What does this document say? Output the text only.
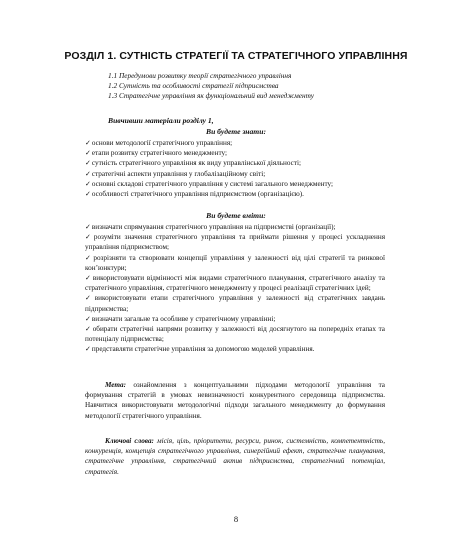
РОЗДІЛ 1. СУТНІСТЬ СТРАТЕГІЇ ТА СТРАТЕГІЧНОГО УПРАВЛІННЯ
1.1 Передумови розвитку теорії стратегічного управління
1.2 Сутність та особливості стратегії підприємства
1.3 Стратегічне управління як функціональний вид менеджменту
Вивчивши матеріали розділу 1,
Ви будете знати:
✓основи методології стратегічного управління;
✓етапи розвитку стратегічного менеджменту;
✓сутність стратегічного управління як виду управлінської діяльності;
✓стратегічні аспекти управління у глобалізаційному світі;
✓основні складові стратегічного управління у системі загального менеджменту;
✓особливості стратегічного управління підприємством (організацією).
Ви будете вміти:
✓визначати спрямування стратегічного управління на підприємстві (організації);
✓розуміти значення стратегічного управління та приймати рішення у процесі ускладнення управління підприємством;
✓розрізняти та створювати концепції управління у залежності від цілі стратегії та ринкової кон’юнктури;
✓використовувати відмінності між видами стратегічного планування, стратегічного аналізу та стратегічного управління, стратегічного менеджменту у процесі реалізації стратегічних ідей;
✓використовувати етапи стратегічного управління у залежності від стратегічних завдань підприємства;
✓визначати загальне та особливе у стратегічному управлінні;
✓обирати стратегічні напрями розвитку у залежності від досягнутого на попередніх етапах та потенціалу підприємства;
✓представляти стратегічне управління за допомогою моделей управління.
Мета: ознайомлення з концептуальними підходами методології управління та формування стратегій в умовах невизначеності конкурентного середовища підприємства. Навчитися використовувати методологічні підходи загального менеджменту до формування методології стратегічного управління.
Ключові слова: місія, ціль, пріоритети, ресурси, ринок, системність, компетентність, конкуренція, концепція стратегічного управління, синергійний ефект, стратегічне планування, стратегічне управління, стратегічний актив підприємства, стратегічний потенціал, стратегія.
8
